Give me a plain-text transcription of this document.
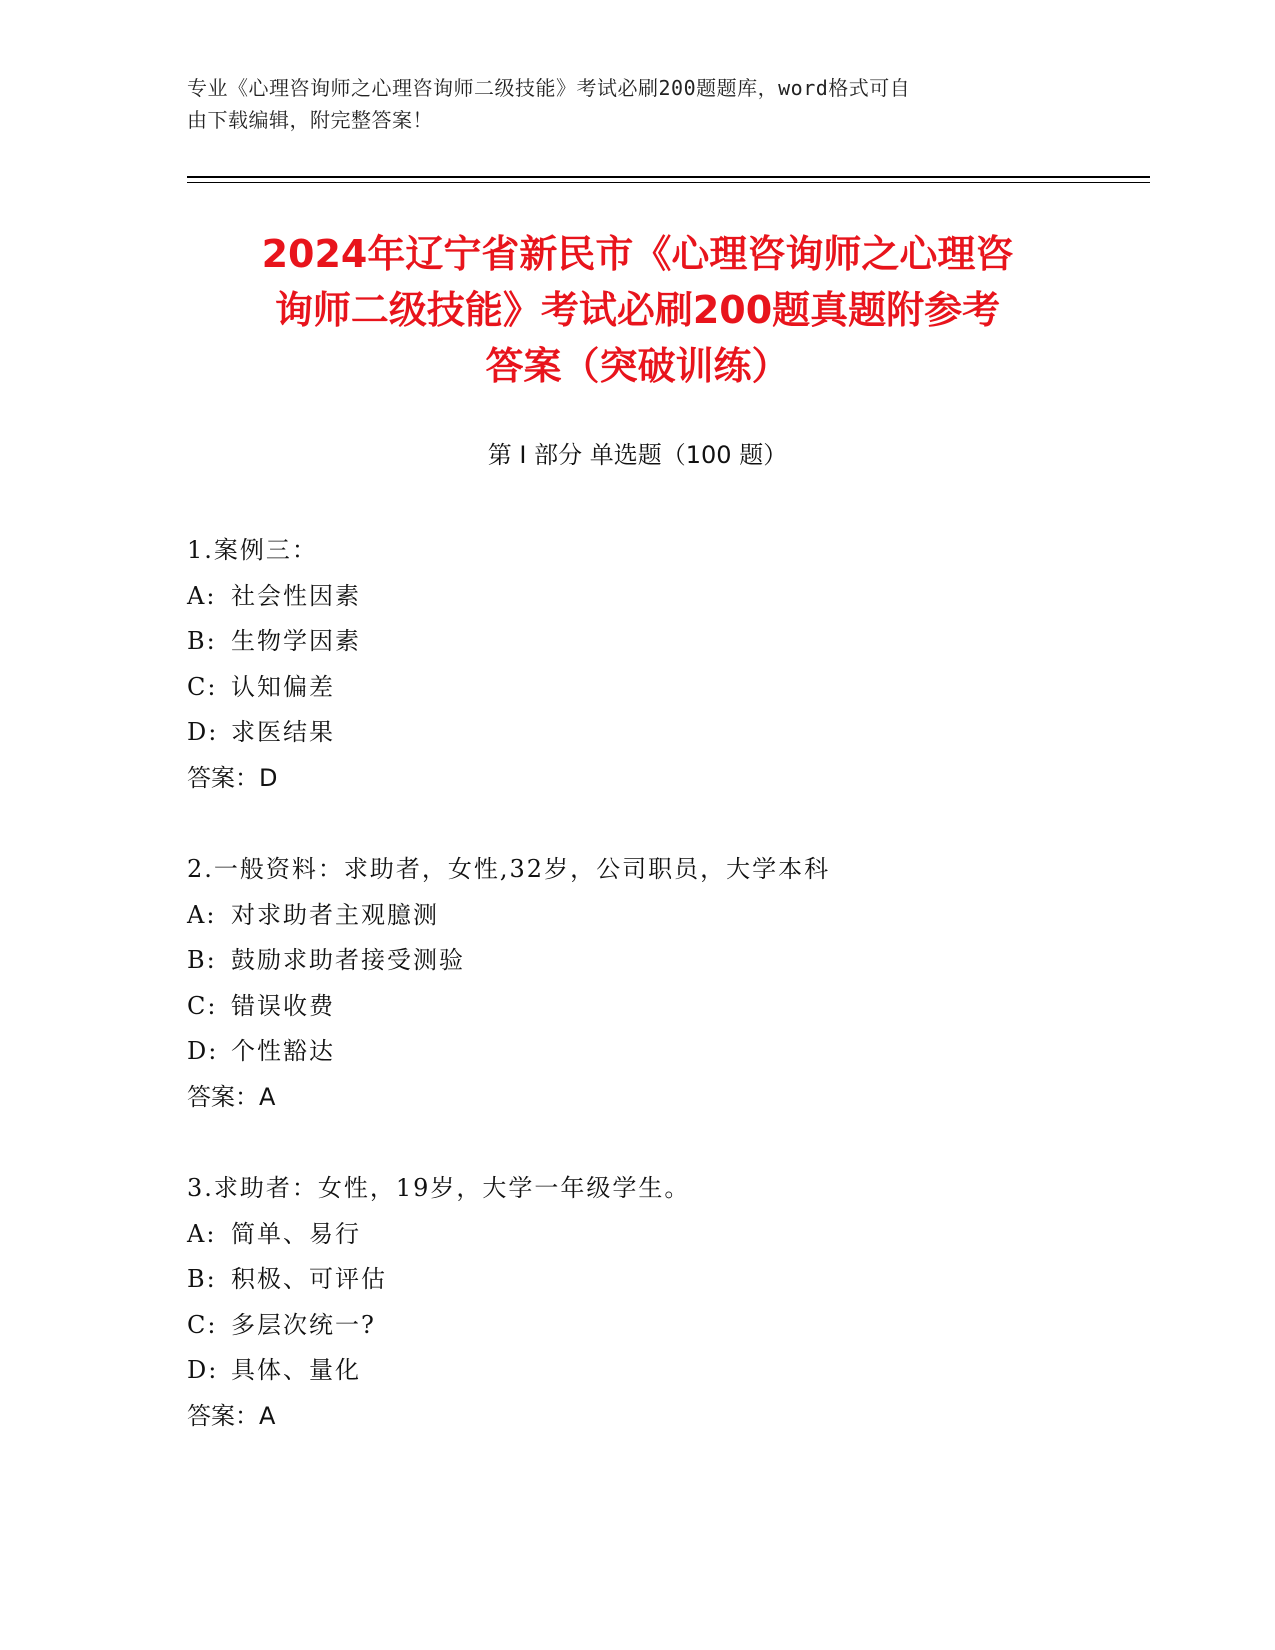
专业《心理咨询师之心理咨询师二级技能》考试必刷200题题库，word格式可自
由下载编辑，附完整答案！
2024年辽宁省新民市《心理咨询师之心理咨
询师二级技能》考试必刷200题真题附参考
答案（突破训练）
第 I 部分 单选题（100 题）
1.案例三：
A: 社会性因素
B: 生物学因素
C: 认知偏差
D: 求医结果
答案：D
2.一般资料：求助者，女性,32岁，公司职员，大学本科
A: 对求助者主观臆测
B: 鼓励求助者接受测验
C: 错误收费
D: 个性豁达
答案：A
3.求助者：女性，19岁，大学一年级学生。
A: 简单、易行
B: 积极、可评估
C: 多层次统一?
D: 具体、量化
答案：A
